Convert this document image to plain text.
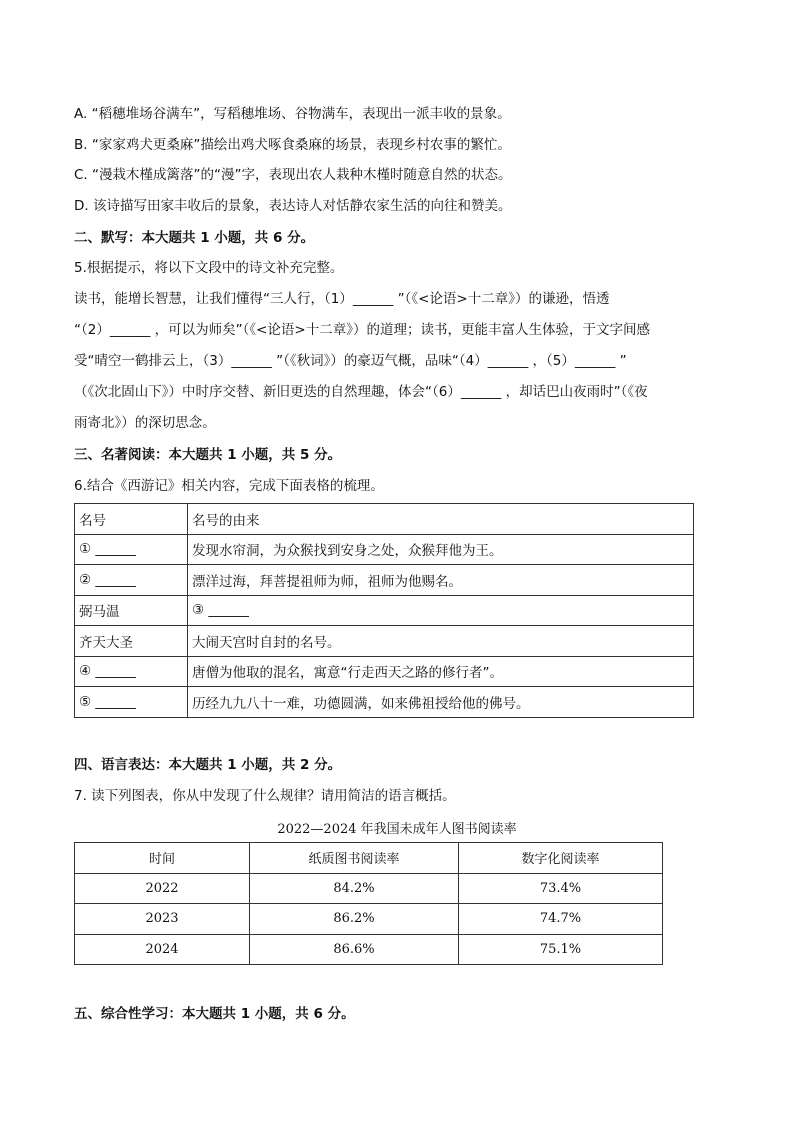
A. “稻穗堆场谷满车”，写稻穗堆场、谷物满车，表现出一派丰收的景象。
B. “家家鸡犬更桑麻”描绘出鸡犬啄食桑麻的场景，表现乡村农事的繁忙。
C. “漫栽木槿成篱落”的“漫”字，表现出农人栽种木槿时随意自然的状态。
D. 该诗描写田家丰收后的景象，表达诗人对恬静农家生活的向往和赞美。
二、默写：本大题共 1 小题，共 6 分。
5.根据提示，将以下文段中的诗文补充完整。
读书，能增长智慧，让我们懂得“三人行，（1）______ ”（《<论语>十二章》）的谦逊，悟透
“（2）______ ，可以为师矣”（《<论语>十二章》）的道理；读书，更能丰富人生体验，于文字间感
受“晴空一鹤排云上，（3）______ ”（《秋词》）的豪迈气概，品味“（4）______ ，（5）______ ”
（《次北固山下》）中时序交替、新旧更迭的自然理趣，体会“（6）______ ，却话巴山夜雨时”（《夜
雨寄北》）的深切思念。
三、名著阅读：本大题共 1 小题，共 5 分。
6.结合《西游记》相关内容，完成下面表格的梳理。
名号	名号的由来
① ______	发现水帘洞，为众猴找到安身之处，众猴拜他为王。
② ______	漂洋过海，拜菩提祖师为师，祖师为他赐名。
弼马温	③ ______
齐天大圣	大闹天宫时自封的名号。
④ ______	唐僧为他取的混名，寓意“行走西天之路的修行者”。
⑤ ______	历经九九八十一难，功德圆满，如来佛祖授给他的佛号。
四、语言表达：本大题共 1 小题，共 2 分。
7. 读下列图表，你从中发现了什么规律？请用简洁的语言概括。
2022—2024 年我国未成年人图书阅读率
时间	纸质图书阅读率	数字化阅读率
2022	84.2%	73.4%
2023	86.2%	74.7%
2024	86.6%	75.1%
五、综合性学习：本大题共 1 小题，共 6 分。
